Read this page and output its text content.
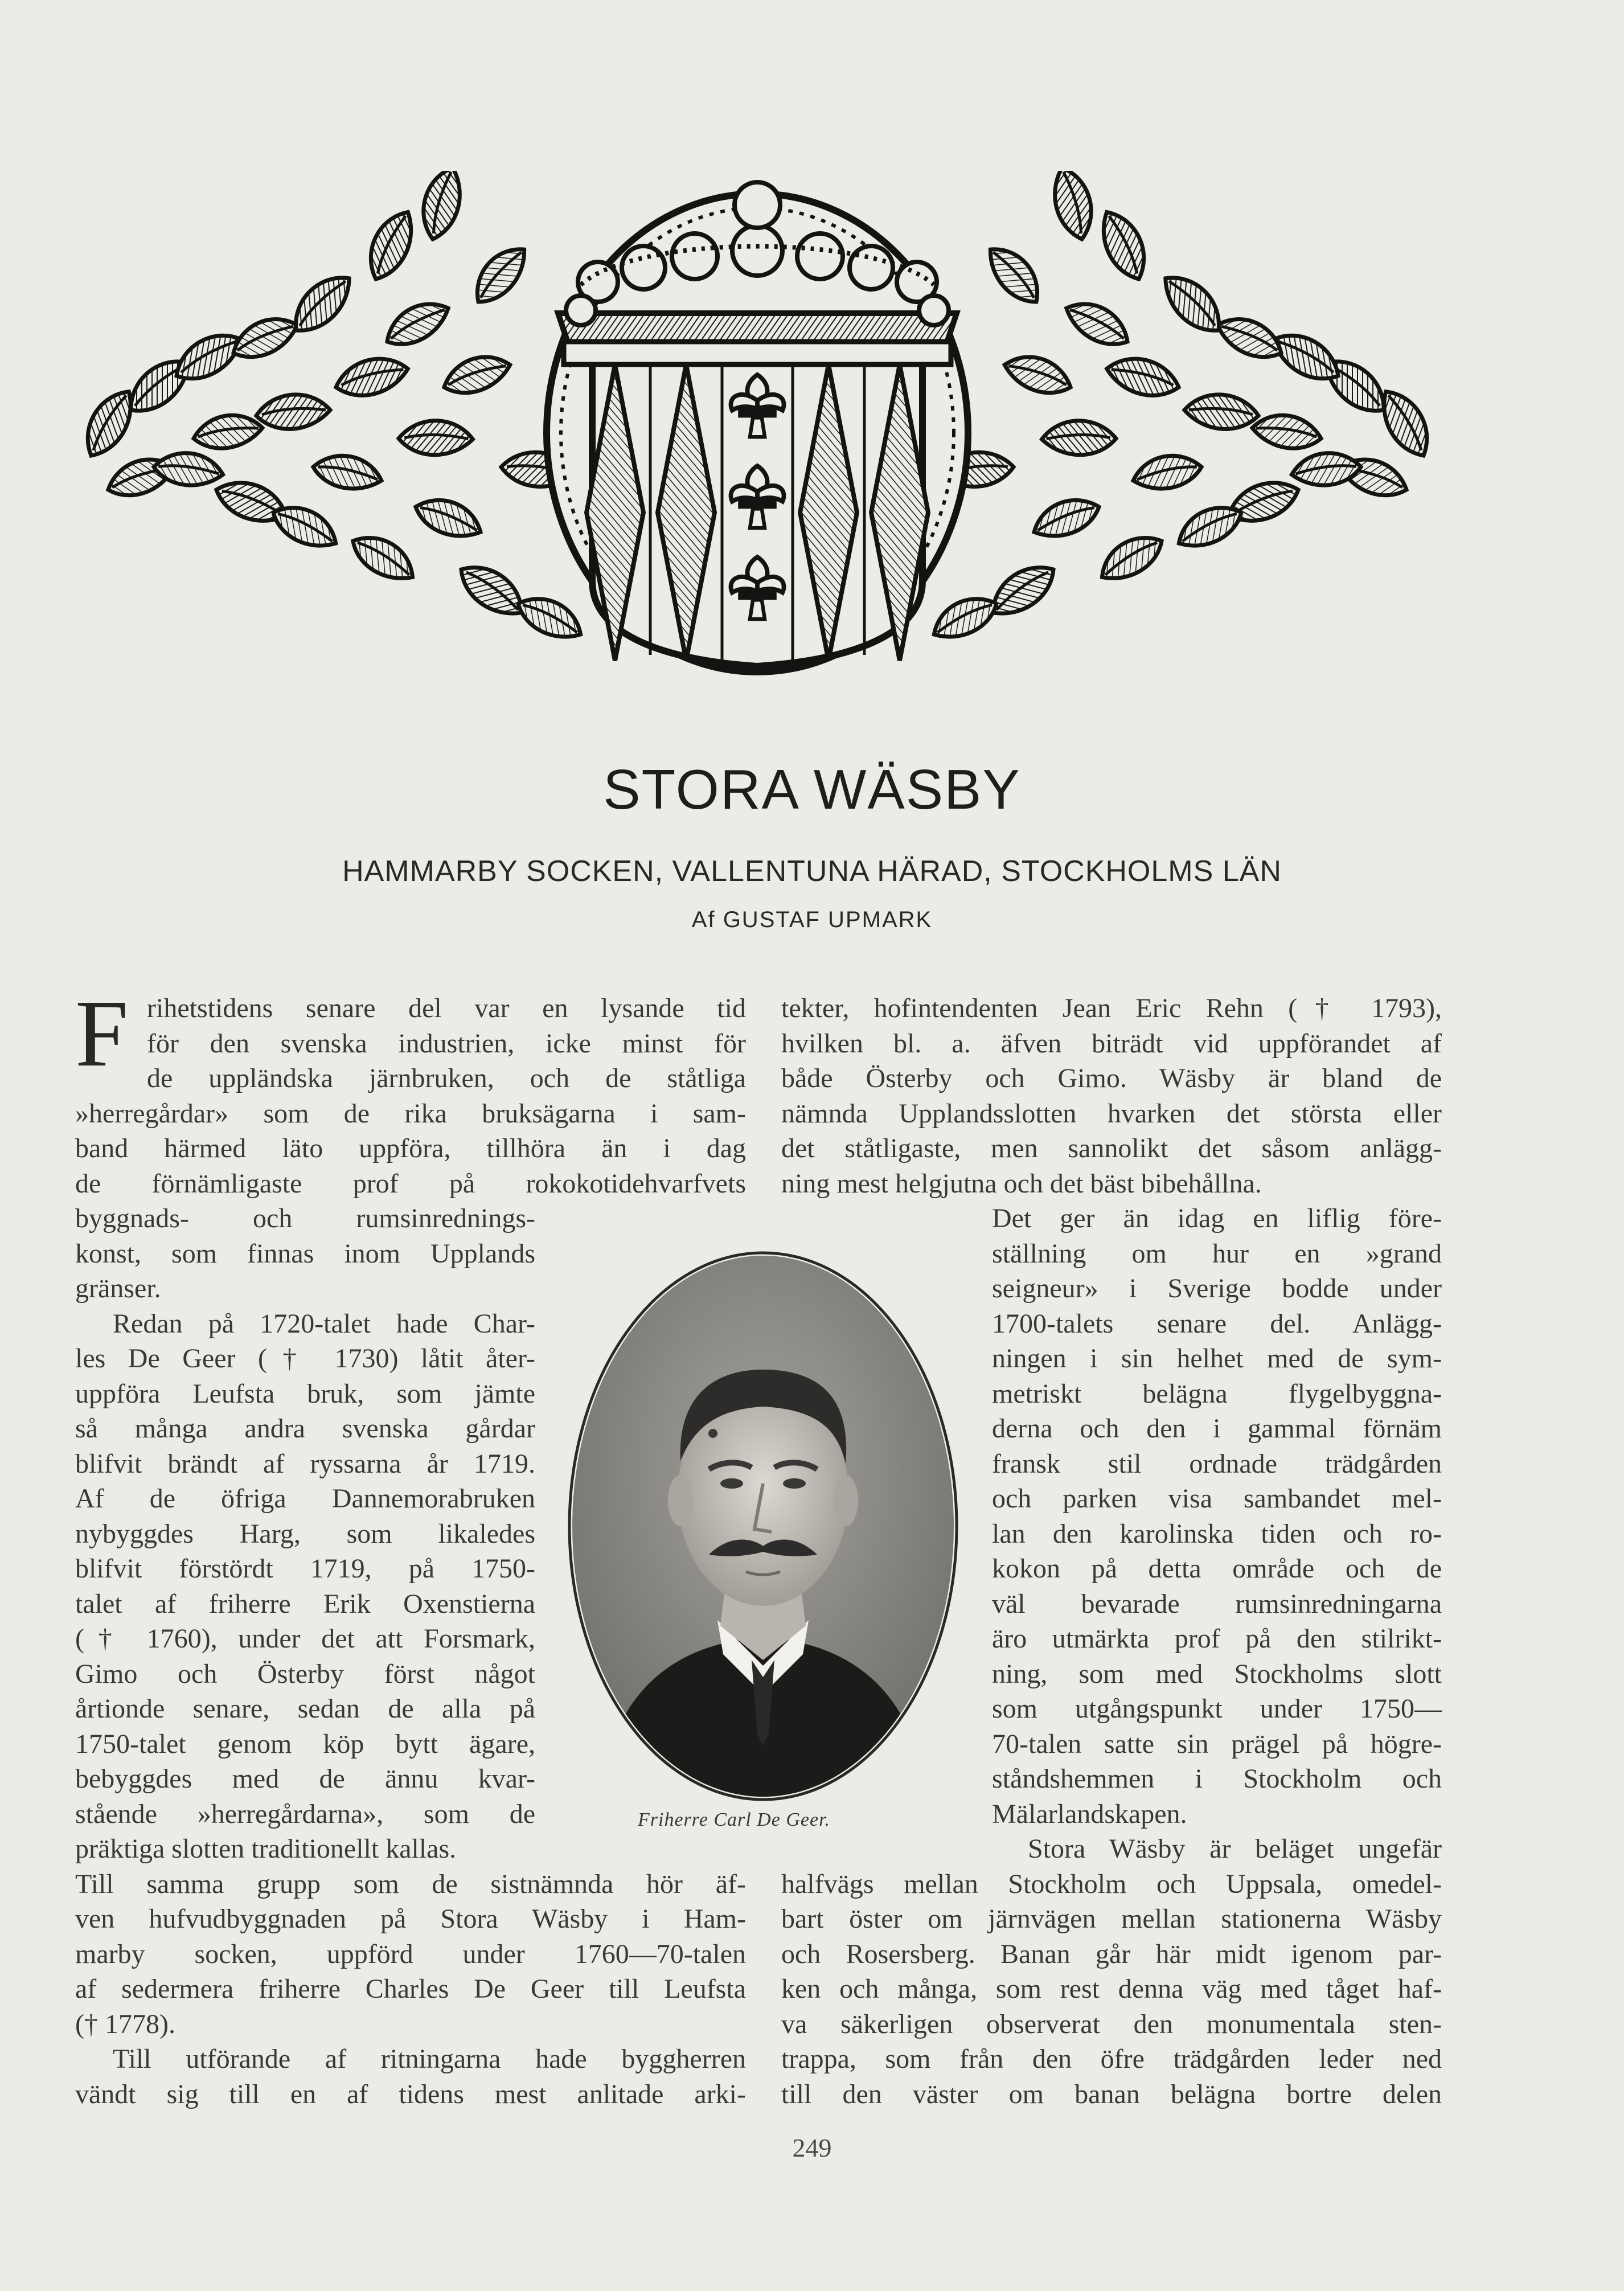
STORA WÄSBY
HAMMARBY SOCKEN, VALLENTUNA HÄRAD, STOCKHOLMS LÄN
Af GUSTAF UPMARK
F rihetstidens senare del var en lysande tid
för den svenska industrien, icke minst för
de uppländska järnbruken, och de ståtliga
»herregårdar» som de rika bruksägarna i sam-
band härmed läto uppföra, tillhöra än i dag
de förnämligaste prof på rokokotidehvarfvets
byggnads- och rumsinrednings-
konst, som finnas inom Upplands
gränser.
Redan på 1720-talet hade Char-
les De Geer († 1730) låtit åter-
uppföra Leufsta bruk, som jämte
så många andra svenska gårdar
blifvit brändt af ryssarna år 1719.
Af de öfriga Dannemorabruken
nybyggdes Harg, som likaledes
blifvit förstördt 1719, på 1750-
talet af friherre Erik Oxenstierna
(† 1760), under det att Forsmark,
Gimo och Österby först något
årtionde senare, sedan de alla på
1750-talet genom köp bytt ägare,
bebyggdes med de ännu kvar-
stående »herregårdarna», som de
präktiga slotten traditionellt kallas.
Till samma grupp som de sistnämnda hör äf-
ven hufvudbyggnaden på Stora Wäsby i Ham-
marby socken, uppförd under 1760—70-talen
af sedermera friherre Charles De Geer till Leufsta
(† 1778).
Till utförande af ritningarna hade byggherren
vändt sig till en af tidens mest anlitade arki-
tekter, hofintendenten Jean Eric Rehn († 1793),
hvilken bl. a. äfven biträdt vid uppförandet af
både Österby och Gimo. Wäsby är bland de
nämnda Upplandsslotten hvarken det största eller
det ståtligaste, men sannolikt det såsom anlägg-
ning mest helgjutna och det bäst bibehållna.
Det ger än idag en liflig före-
ställning om hur en »grand
seigneur» i Sverige bodde under
1700-talets senare del. Anlägg-
ningen i sin helhet med de sym-
metriskt belägna flygelbyggna-
derna och den i gammal förnäm
fransk stil ordnade trädgården
och parken visa sambandet mel-
lan den karolinska tiden och ro-
kokon på detta område och de
väl bevarade rumsinredningarna
äro utmärkta prof på den stilrikt-
ning, som med Stockholms slott
som utgångspunkt under 1750—
70-talen satte sin prägel på högre-
ståndshemmen i Stockholm och
Mälarlandskapen.
Stora Wäsby är beläget ungefär
halfvägs mellan Stockholm och Uppsala, omedel-
bart öster om järnvägen mellan stationerna Wäsby
och Rosersberg. Banan går här midt igenom par-
ken och många, som rest denna väg med tåget haf-
va säkerligen observerat den monumentala sten-
trappa, som från den öfre trädgården leder ned
till den väster om banan belägna bortre delen
Friherre Carl De Geer.
249
